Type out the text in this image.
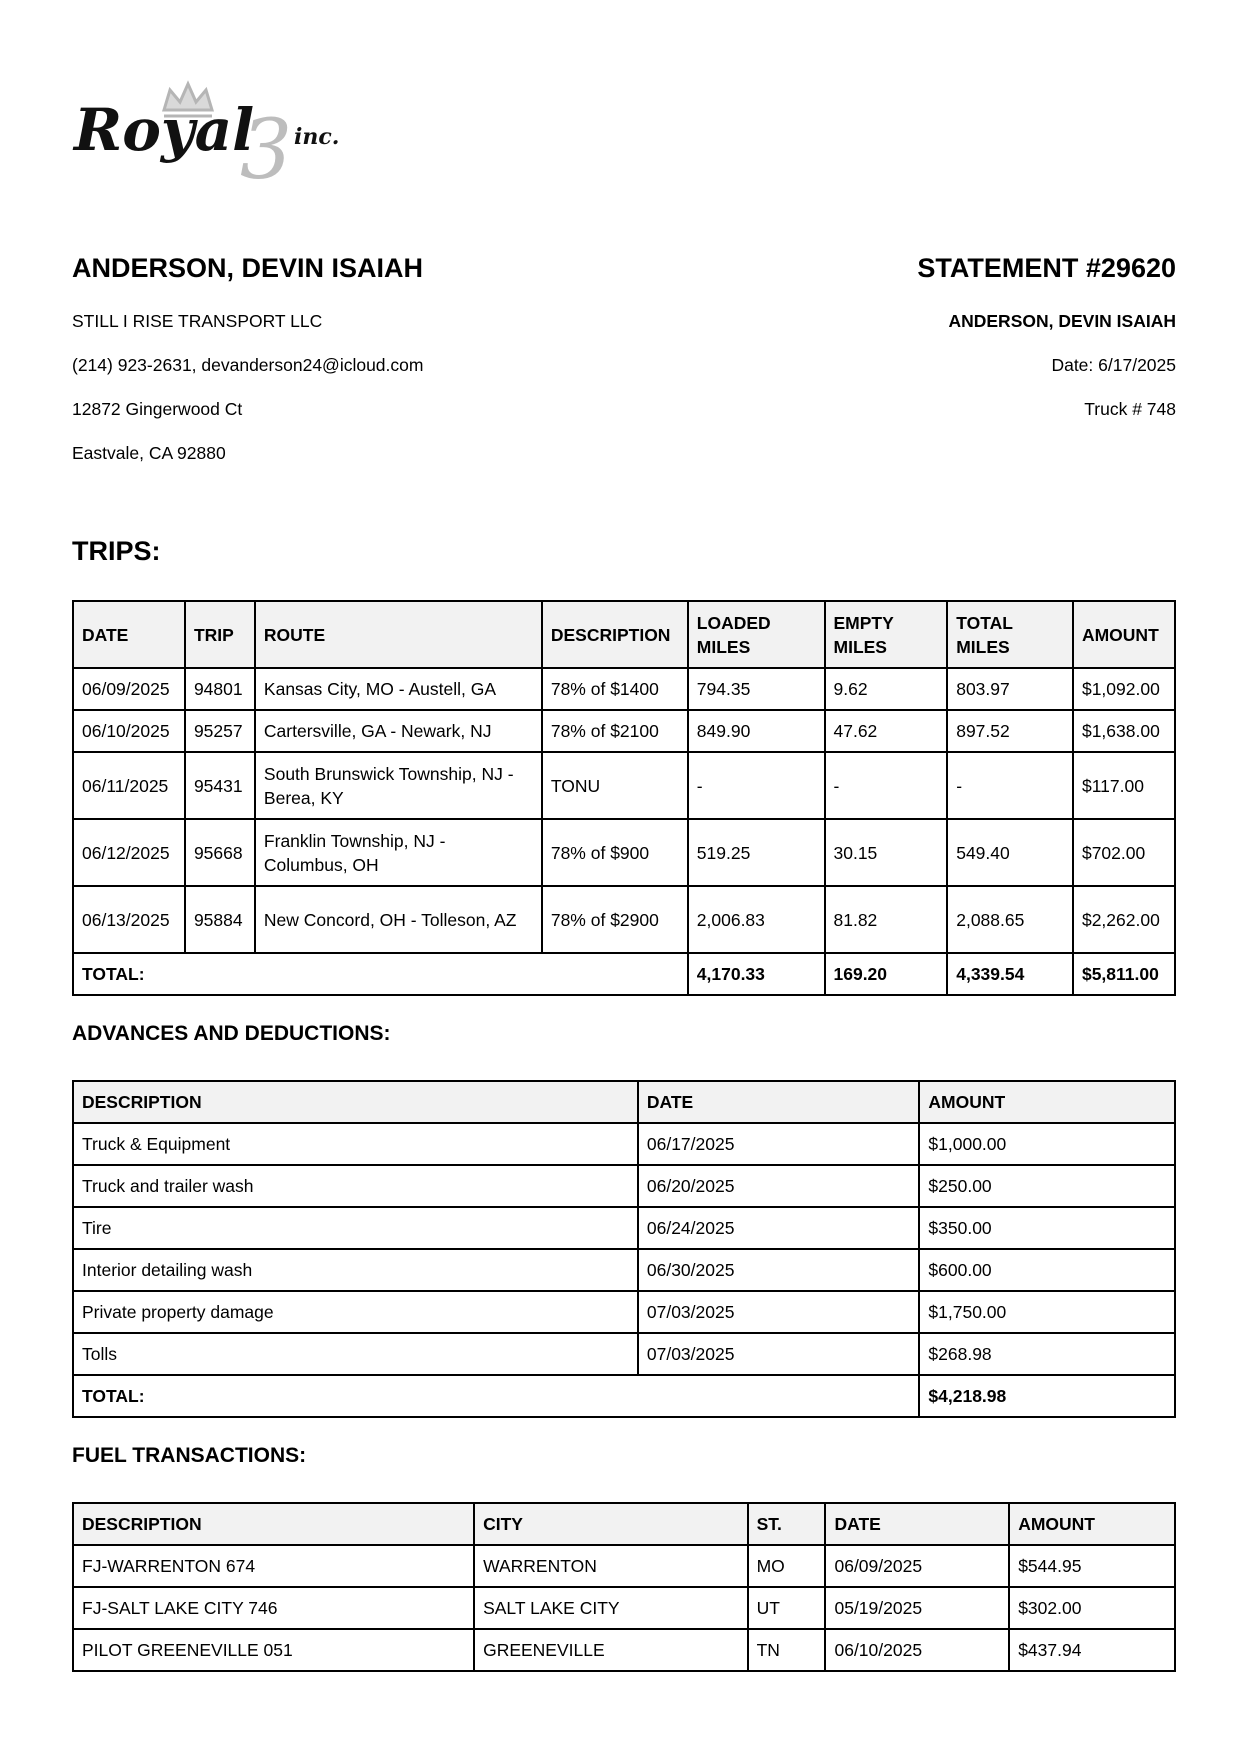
3
Royal inc.

ANDERSON, DEVIN ISAIAH

STILL I RISE TRANSPORT LLC

(214) 923-2631, devanderson24@icloud.com

12872 Gingerwood Ct

Eastvale, CA 92880

STATEMENT #29620

ANDERSON, DEVIN ISAIAH

Date: 6/17/2025

Truck # 748

TRIPS:

DATE	TRIP	ROUTE	DESCRIPTION	LOADED MILES	EMPTY MILES	TOTAL MILES	AMOUNT
06/09/2025	94801	Kansas City, MO - Austell, GA	78% of $1400	794.35	9.62	803.97	$1,092.00
06/10/2025	95257	Cartersville, GA - Newark, NJ	78% of $2100	849.90	47.62	897.52	$1,638.00
06/11/2025	95431	South Brunswick Township, NJ - Berea, KY	TONU	-	-	-	$117.00
06/12/2025	95668	Franklin Township, NJ - Columbus, OH	78% of $900	519.25	30.15	549.40	$702.00
06/13/2025	95884	New Concord, OH - Tolleson, AZ	78% of $2900	2,006.83	81.82	2,088.65	$2,262.00
TOTAL:				4,170.33	169.20	4,339.54	$5,811.00

ADVANCES AND DEDUCTIONS:

DESCRIPTION	DATE	AMOUNT
Truck & Equipment	06/17/2025	$1,000.00
Truck and trailer wash	06/20/2025	$250.00
Tire	06/24/2025	$350.00
Interior detailing wash	06/30/2025	$600.00
Private property damage	07/03/2025	$1,750.00
Tolls	07/03/2025	$268.98
TOTAL:		$4,218.98

FUEL TRANSACTIONS:

DESCRIPTION	CITY	ST.	DATE	AMOUNT
FJ-WARRENTON 674	WARRENTON	MO	06/09/2025	$544.95
FJ-SALT LAKE CITY 746	SALT LAKE CITY	UT	05/19/2025	$302.00
PILOT GREENEVILLE 051	GREENEVILLE	TN	06/10/2025	$437.94
